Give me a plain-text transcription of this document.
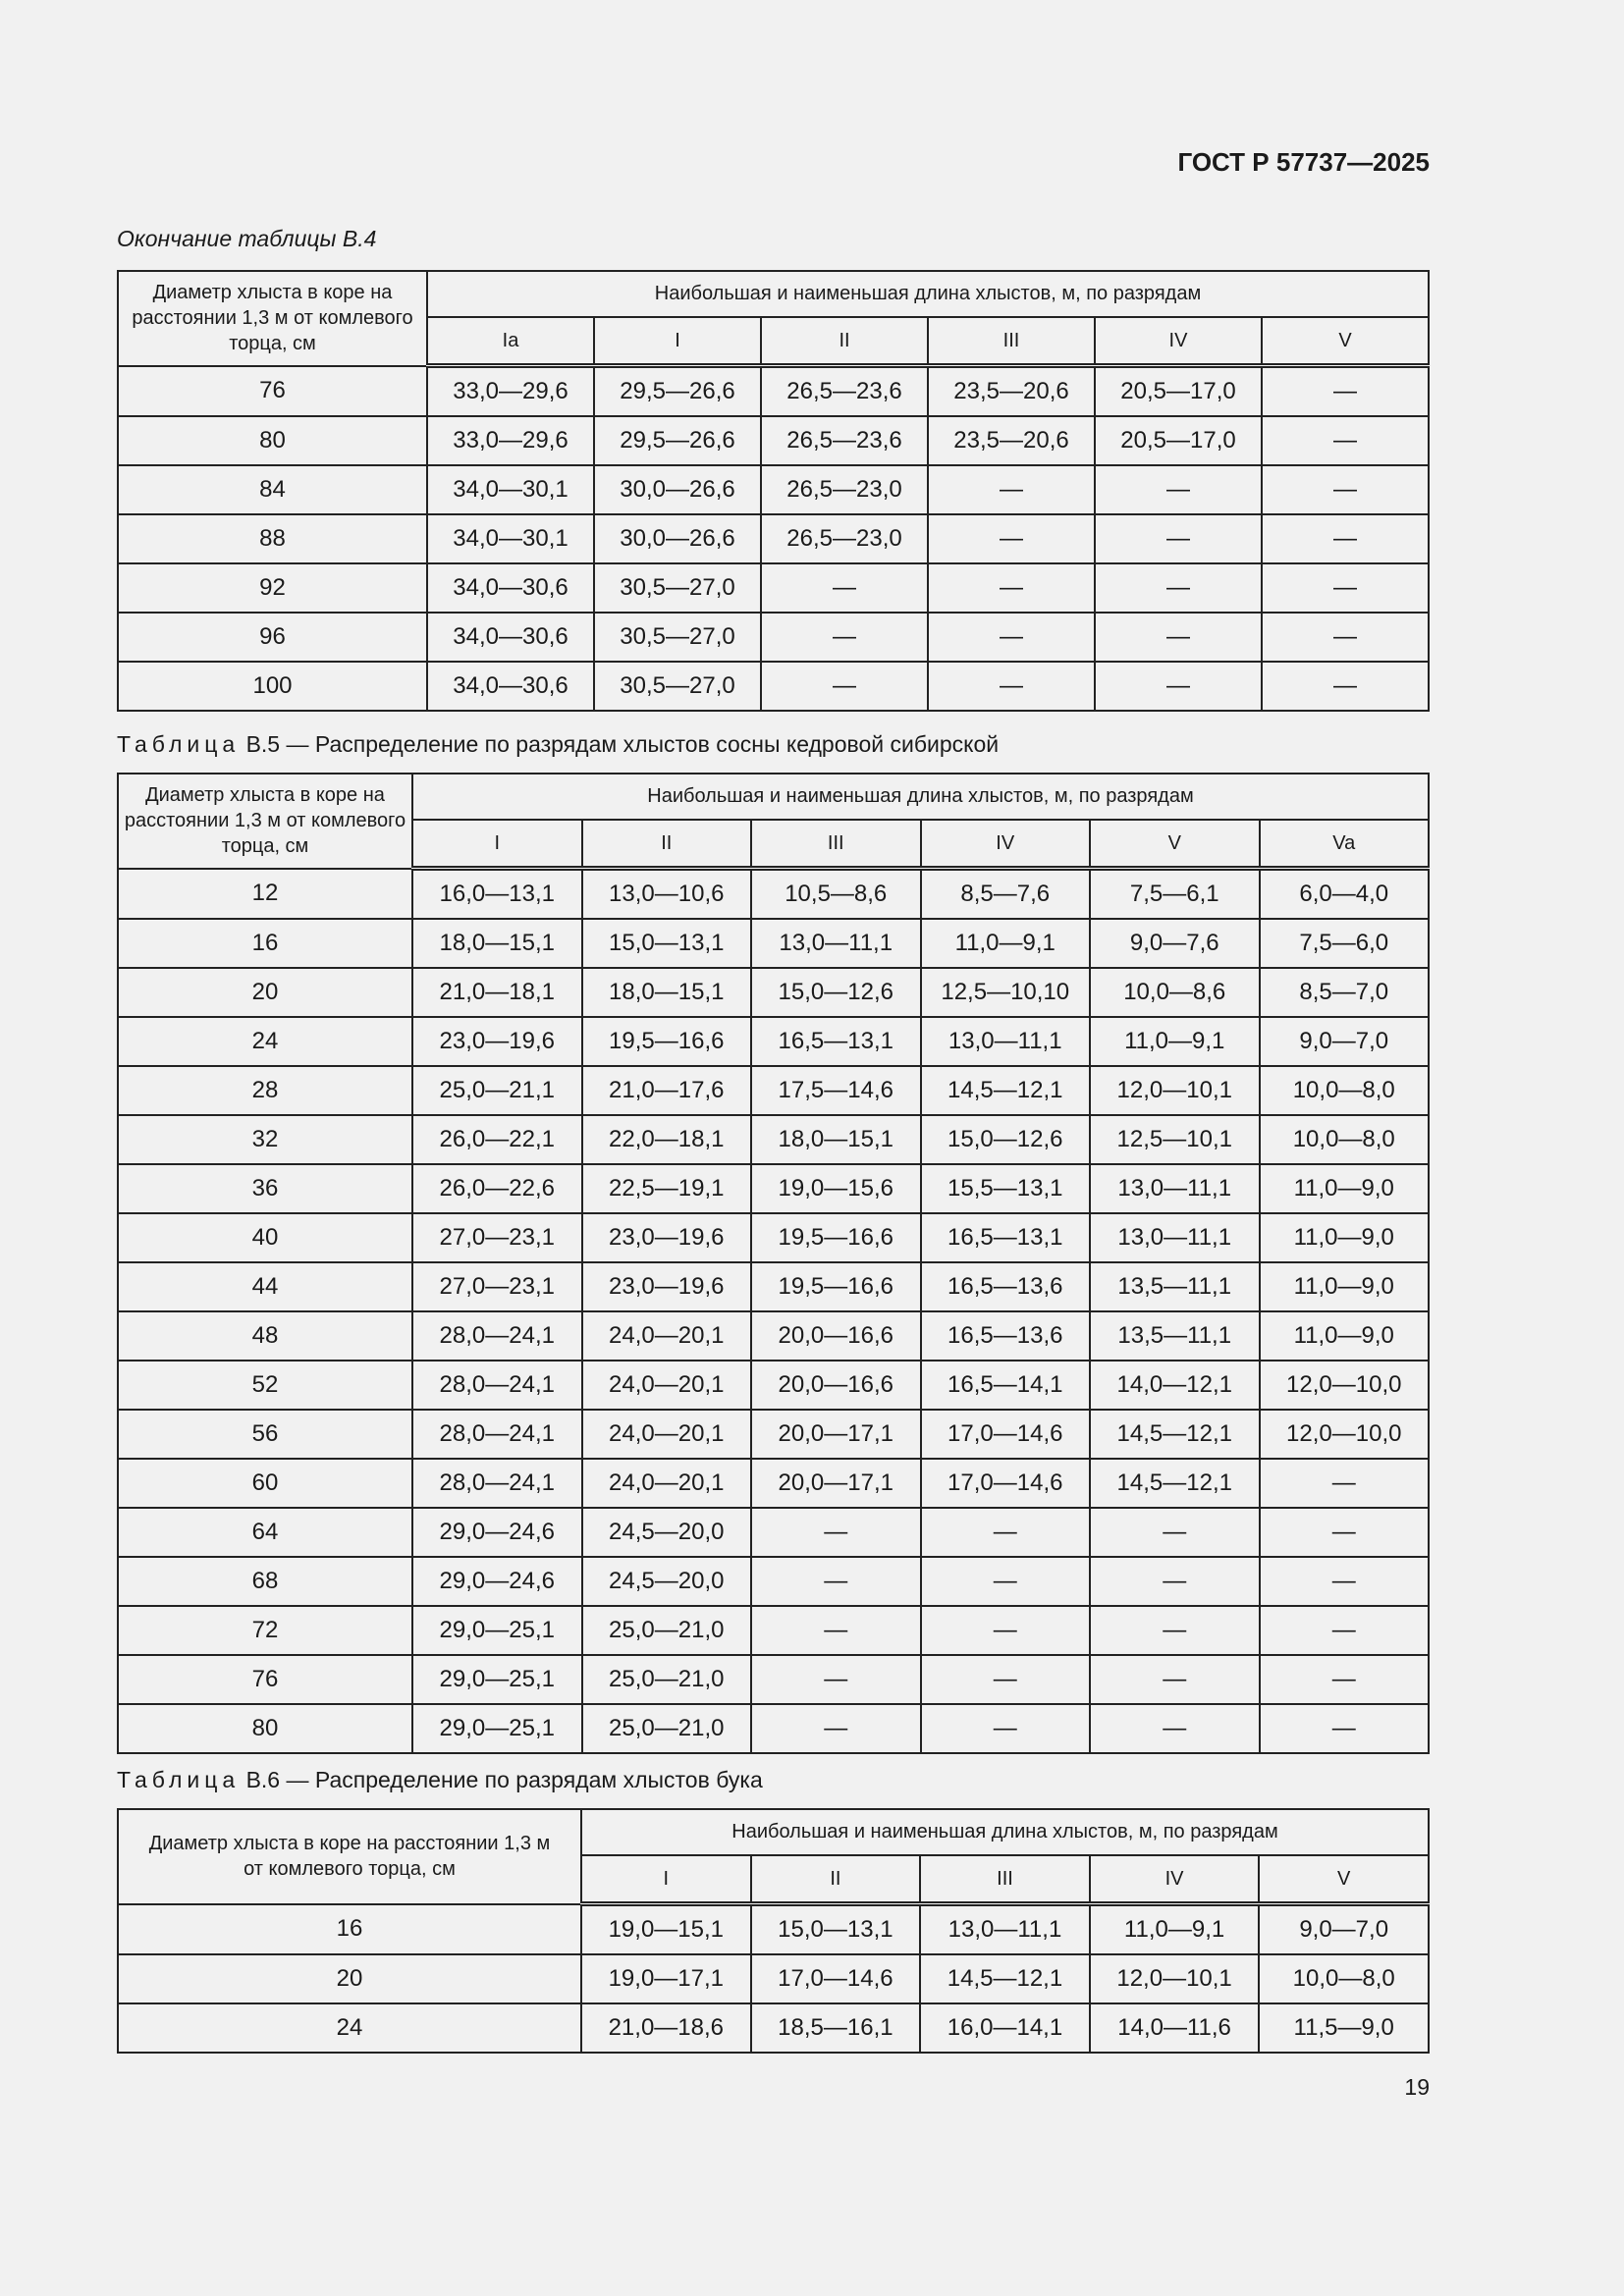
ГОСТ Р 57737—2025
Окончание таблицы В.4
Диаметр хлыста в коре на расстоянии 1,3 м от комлевого торца, см	Наибольшая и наименьшая длина хлыстов, м, по разрядам					
	Ia	I	II	III	IV	V
76	33,0—29,6	29,5—26,6	26,5—23,6	23,5—20,6	20,5—17,0	—
80	33,0—29,6	29,5—26,6	26,5—23,6	23,5—20,6	20,5—17,0	—
84	34,0—30,1	30,0—26,6	26,5—23,0	—	—	—
88	34,0—30,1	30,0—26,6	26,5—23,0	—	—	—
92	34,0—30,6	30,5—27,0	—	—	—	—
96	34,0—30,6	30,5—27,0	—	—	—	—
100	34,0—30,6	30,5—27,0	—	—	—	—
Таблица В.5 — Распределение по разрядам хлыстов сосны кедровой сибирской
Диаметр хлыста в коре на расстоянии 1,3 м от комлевого торца, см	Наибольшая и наименьшая длина хлыстов, м, по разрядам					
	I	II	III	IV	V	Va
12	16,0—13,1	13,0—10,6	10,5—8,6	8,5—7,6	7,5—6,1	6,0—4,0
16	18,0—15,1	15,0—13,1	13,0—11,1	11,0—9,1	9,0—7,6	7,5—6,0
20	21,0—18,1	18,0—15,1	15,0—12,6	12,5—10,10	10,0—8,6	8,5—7,0
24	23,0—19,6	19,5—16,6	16,5—13,1	13,0—11,1	11,0—9,1	9,0—7,0
28	25,0—21,1	21,0—17,6	17,5—14,6	14,5—12,1	12,0—10,1	10,0—8,0
32	26,0—22,1	22,0—18,1	18,0—15,1	15,0—12,6	12,5—10,1	10,0—8,0
36	26,0—22,6	22,5—19,1	19,0—15,6	15,5—13,1	13,0—11,1	11,0—9,0
40	27,0—23,1	23,0—19,6	19,5—16,6	16,5—13,1	13,0—11,1	11,0—9,0
44	27,0—23,1	23,0—19,6	19,5—16,6	16,5—13,6	13,5—11,1	11,0—9,0
48	28,0—24,1	24,0—20,1	20,0—16,6	16,5—13,6	13,5—11,1	11,0—9,0
52	28,0—24,1	24,0—20,1	20,0—16,6	16,5—14,1	14,0—12,1	12,0—10,0
56	28,0—24,1	24,0—20,1	20,0—17,1	17,0—14,6	14,5—12,1	12,0—10,0
60	28,0—24,1	24,0—20,1	20,0—17,1	17,0—14,6	14,5—12,1	—
64	29,0—24,6	24,5—20,0	—	—	—	—
68	29,0—24,6	24,5—20,0	—	—	—	—
72	29,0—25,1	25,0—21,0	—	—	—	—
76	29,0—25,1	25,0—21,0	—	—	—	—
80	29,0—25,1	25,0—21,0	—	—	—	—
Таблица В.6 — Распределение по разрядам хлыстов бука
Диаметр хлыста в коре на расстоянии 1,3 м от комлевого торца, см	Наибольшая и наименьшая длина хлыстов, м, по разрядам				
	I	II	III	IV	V
16	19,0—15,1	15,0—13,1	13,0—11,1	11,0—9,1	9,0—7,0
20	19,0—17,1	17,0—14,6	14,5—12,1	12,0—10,1	10,0—8,0
24	21,0—18,6	18,5—16,1	16,0—14,1	14,0—11,6	11,5—9,0
19
